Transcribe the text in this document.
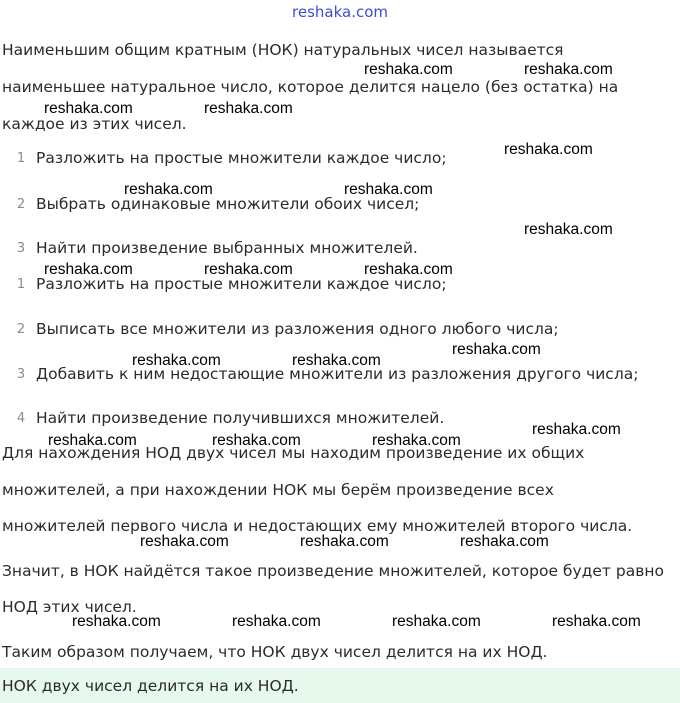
reshaka.com
Наименьшим общим кратным (НОК) натуральных чисел называется
наименьшее натуральное число, которое делится нацело (без остатка) на
каждое из этих чисел.
1 Разложить на простые множители каждое число;
2 Выбрать одинаковые множители обоих чисел;
3 Найти произведение выбранных множителей.
1 Разложить на простые множители каждое число;
2 Выписать все множители из разложения одного любого числа;
3 Добавить к ним недостающие множители из разложения другого числа;
4 Найти произведение получившихся множителей.
Для нахождения НОД двух чисел мы находим произведение их общих
множителей, а при нахождении НОК мы берём произведение всех
множителей первого числа и недостающих ему множителей второго числа.
Значит, в НОК найдётся такое произведение множителей, которое будет равно
НОД этих чисел.
Таким образом получаем, что НОК двух чисел делится на их НОД.
НОК двух чисел делится на их НОД.
reshaka.com	reshaka.com
reshaka.com	reshaka.com
reshaka.com
reshaka.com	reshaka.com
reshaka.com
reshaka.com	reshaka.com	reshaka.com
reshaka.com
reshaka.com	reshaka.com
reshaka.com
reshaka.com	reshaka.com	reshaka.com
reshaka.com	reshaka.com	reshaka.com
reshaka.com	reshaka.com	reshaka.com	reshaka.com
